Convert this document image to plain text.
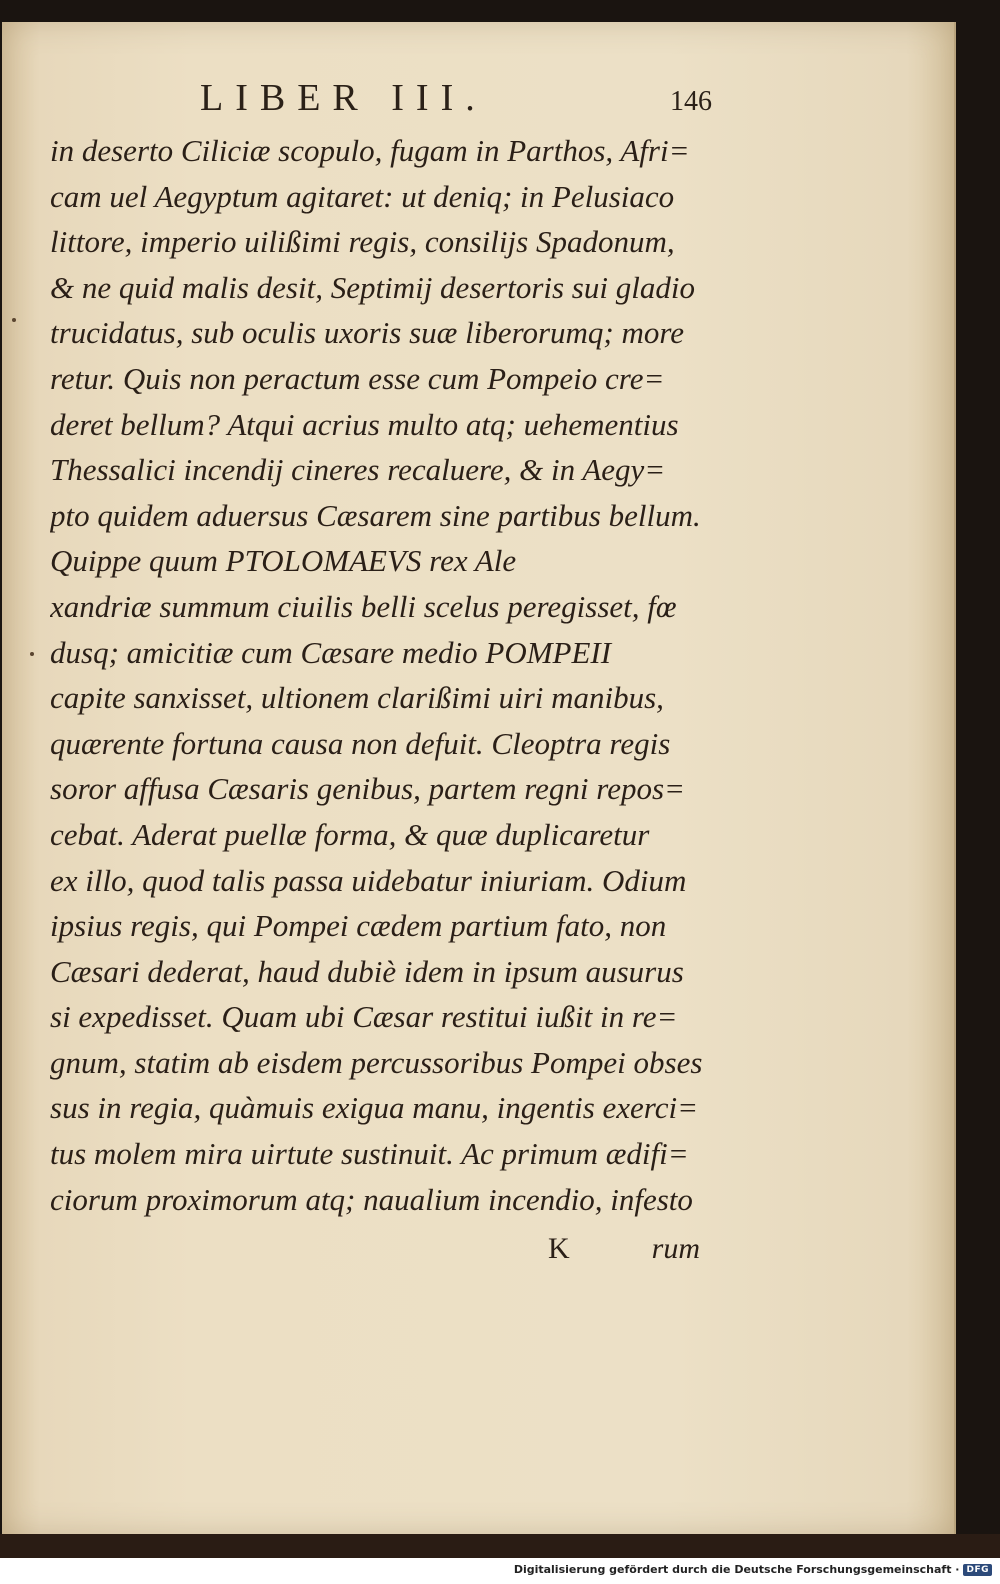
LIBER III.	146
in deserto Ciliciæ scopulo, fugam in Parthos, Afri=
cam uel Aegyptum agitaret: ut deniq; in Pelusiaco
littore, imperio uilißimi regis, consilijs Spadonum,
& ne quid malis desit, Septimij desertoris sui gladio
trucidatus, sub oculis uxoris suæ liberorumq; more
retur. Quis non peractum esse cum Pompeio cre=
deret bellum? Atqui acrius multo atq; uehementius
Thessalici incendij cineres recaluere, & in Aegy=
pto quidem aduersus Cæsarem sine partibus bellum.
Quippe quum PTOLOMAEVS rex Ale
xandriæ summum ciuilis belli scelus peregisset, fœ
dusq; amicitiæ cum Cæsare medio POMPEII
capite sanxisset, ultionem clarißimi uiri manibus,
quærente fortuna causa non defuit. Cleoptra regis
soror affusa Cæsaris genibus, partem regni repos=
cebat. Aderat puellæ forma, & quæ duplicaretur
ex illo, quod talis passa uidebatur iniuriam. Odium
ipsius regis, qui Pompei cædem partium fato, non
Cæsari dederat, haud dubiè idem in ipsum ausurus
si expedisset. Quam ubi Cæsar restitui iußit in re=
gnum, statim ab eisdem percussoribus Pompei obses
sus in regia, quàmuis exigua manu, ingentis exerci=
tus molem mira uirtute sustinuit. Ac primum ædifi=
ciorum proximorum atq; naualium incendio, infesto
K	rum
Digitalisierung gefördert durch die Deutsche Forschungsgemeinschaft · DFG
